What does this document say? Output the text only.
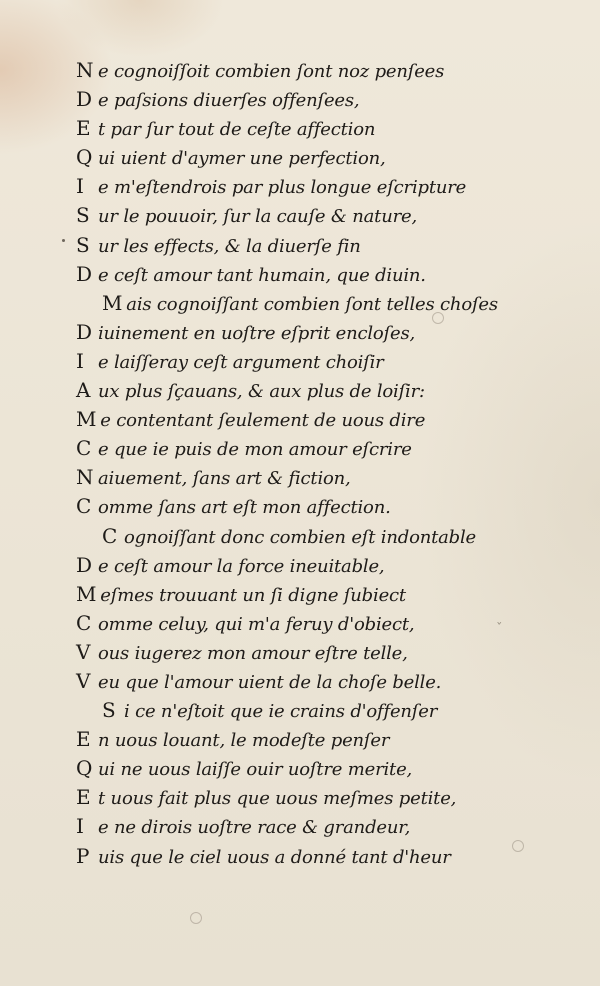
N e cognoiſſoit combien ſont noz penſees
D e paſsions diuerſes offenſees,
E t par ſur tout de ceſte affection
Q ui uient d'aymer une perfection,
I e m'eſtendrois par plus longue eſcripture
S ur le pouuoir, ſur la cauſe & nature,
S ur les effects, & la diuerſe fin
D e ceſt amour tant humain, que diuin.
M ais cognoiſſant combien ſont telles choſes
D iuinement en uoſtre eſprit encloſes,
I e laiſſeray ceſt argument choiſir
A ux plus ſçauans, & aux plus de loiſir:
M e contentant ſeulement de uous dire
C e que ie puis de mon amour eſcrire
N aiuement, ſans art & fiction,
C omme ſans art eſt mon affection.
C ognoiſſant donc combien eſt indontable
D e ceſt amour la force ineuitable,
M eſmes trouuant un ſi digne ſubiect
C omme celuy, qui m'a feruy d'obiect,
V ous iugerez mon amour eſtre telle,
V eu que l'amour uient de la choſe belle.
S i ce n'eſtoit que ie crains d'offenſer
E n uous louant, le modeſte penſer
Q ui ne uous laiſſe ouir uoſtre merite,
E t uous fait plus que uous meſmes petite,
I e ne dirois uoſtre race & grandeur,
P uis que le ciel uous a donné tant d'heur
ˇ
